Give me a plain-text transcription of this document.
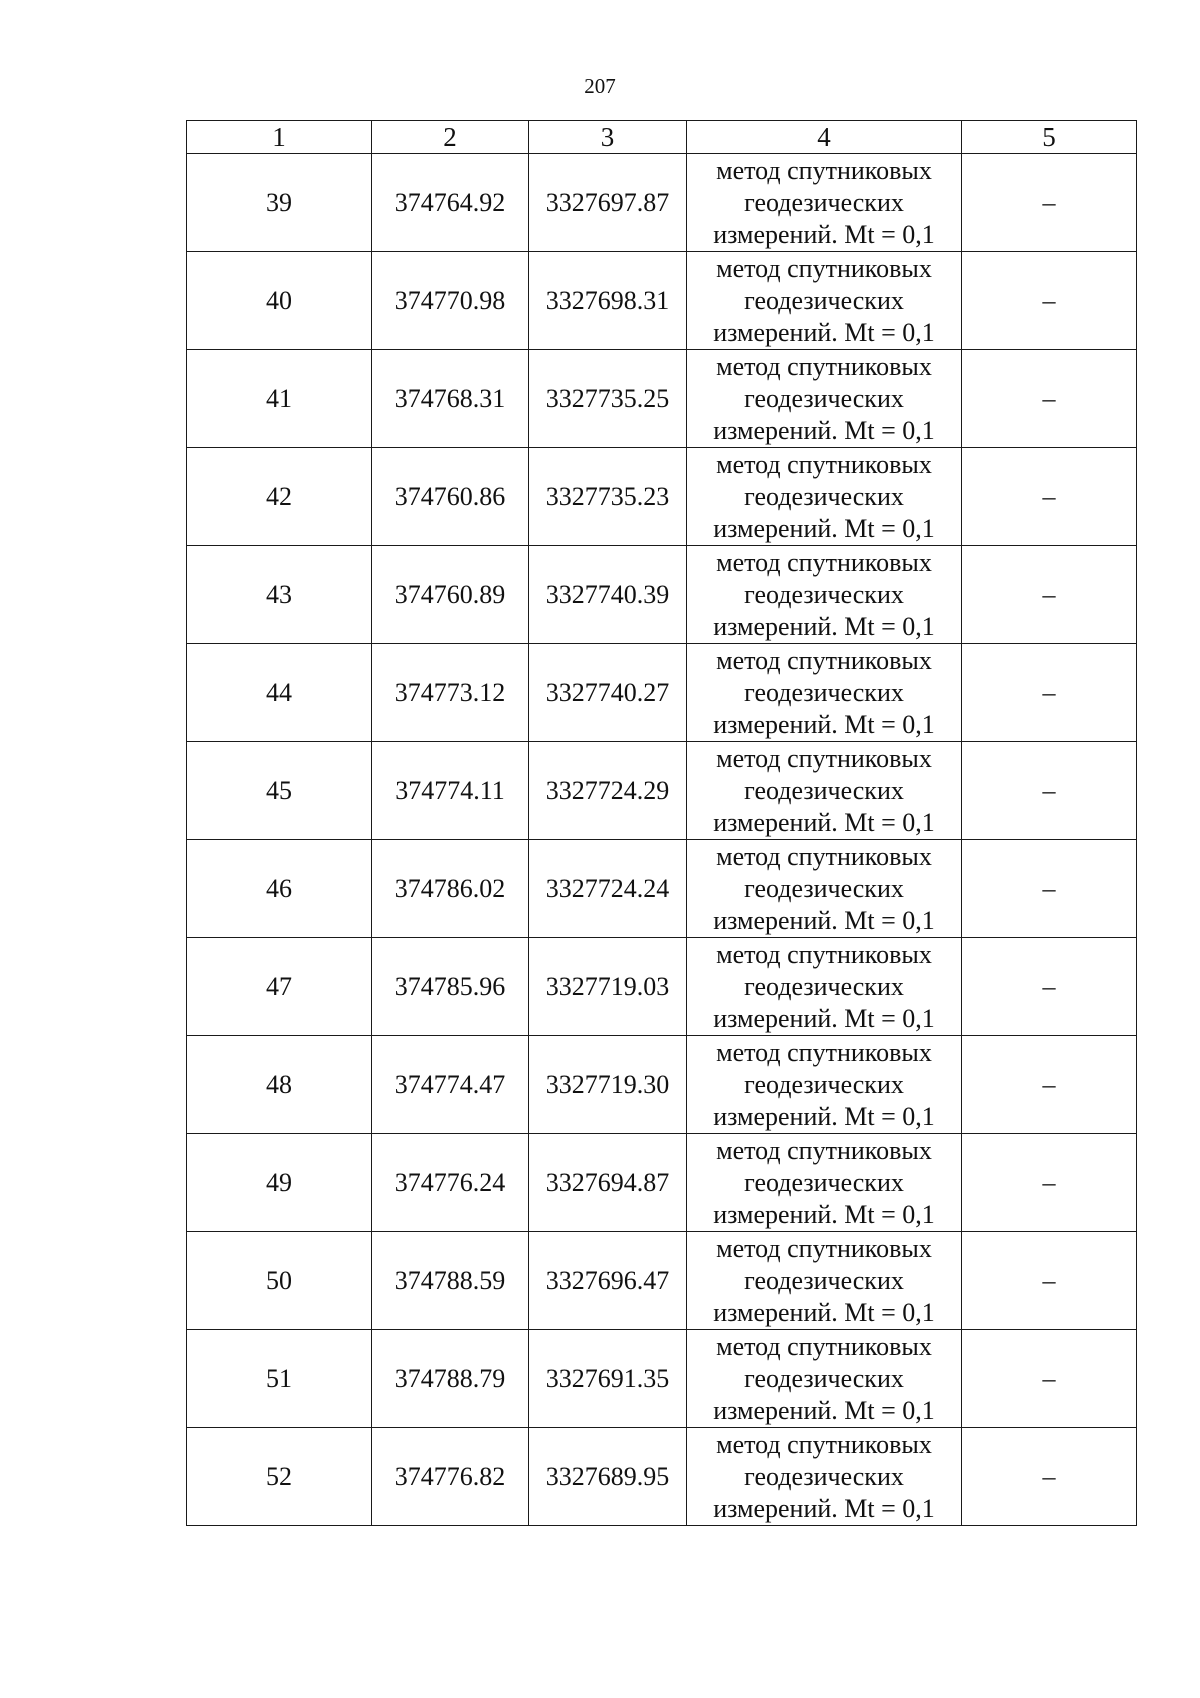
207
1	2	3	4	5
39	374764.92	3327697.87	метод спутниковых
геодезических
измерений. Mt = 0,1	–
40	374770.98	3327698.31	метод спутниковых
геодезических
измерений. Mt = 0,1	–
41	374768.31	3327735.25	метод спутниковых
геодезических
измерений. Mt = 0,1	–
42	374760.86	3327735.23	метод спутниковых
геодезических
измерений. Mt = 0,1	–
43	374760.89	3327740.39	метод спутниковых
геодезических
измерений. Mt = 0,1	–
44	374773.12	3327740.27	метод спутниковых
геодезических
измерений. Mt = 0,1	–
45	374774.11	3327724.29	метод спутниковых
геодезических
измерений. Mt = 0,1	–
46	374786.02	3327724.24	метод спутниковых
геодезических
измерений. Mt = 0,1	–
47	374785.96	3327719.03	метод спутниковых
геодезических
измерений. Mt = 0,1	–
48	374774.47	3327719.30	метод спутниковых
геодезических
измерений. Mt = 0,1	–
49	374776.24	3327694.87	метод спутниковых
геодезических
измерений. Mt = 0,1	–
50	374788.59	3327696.47	метод спутниковых
геодезических
измерений. Mt = 0,1	–
51	374788.79	3327691.35	метод спутниковых
геодезических
измерений. Mt = 0,1	–
52	374776.82	3327689.95	метод спутниковых
геодезических
измерений. Mt = 0,1	–
